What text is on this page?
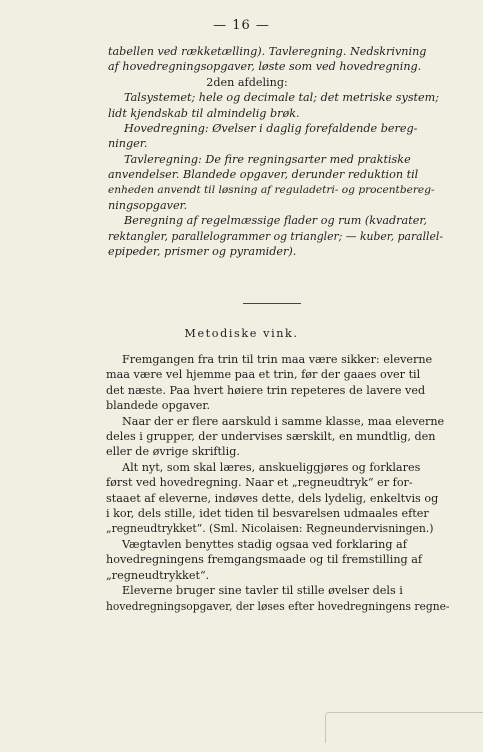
— 16 —
tabellen ved rækketælling). Tavleregning. Nedskrivning
af hovedregningsopgaver, løste som ved hovedregning.
2den afdeling:
Talsystemet; hele og decimale tal; det metriske system;
lidt kjendskab til almindelig brøk.
Hovedregning: Øvelser i daglig forefaldende bereg-
ninger.
Tavleregning: De fire regningsarter med praktiske
anvendelser. Blandede opgaver, derunder reduktion til
enheden anvendt til løsning af reguladetri- og procentbereg-
ningsopgaver.
Beregning af regelmæssige flader og rum (kvadrater,
rektangler, parallelogrammer og triangler; — kuber, parallel-
epipeder, prismer og pyramider).
Metodiske vink.
Fremgangen fra trin til trin maa være sikker: eleverne
maa være vel hjemme paa et trin, før der gaaes over til
det næste. Paa hvert høiere trin repeteres de lavere ved
blandede opgaver.
Naar der er flere aarskuld i samme klasse, maa eleverne
deles i grupper, der undervises særskilt, en mundtlig, den
eller de øvrige skriftlig.
Alt nyt, som skal læres, anskueliggjøres og forklares
først ved hovedregning. Naar et „regneudtryk“ er for-
staaet af eleverne, indøves dette, dels lydelig, enkeltvis og
i kor, dels stille, idet tiden til besvarelsen udmaales efter
„regneudtrykket“. (Sml. Nicolaisen: Regneundervisningen.)
Vægtavlen benyttes stadig ogsaa ved forklaring af
hovedregningens fremgangsmaade og til fremstilling af
„regneudtrykket“.
Eleverne bruger sine tavler til stille øvelser dels i
hovedregningsopgaver, der løses efter hovedregningens regne-
